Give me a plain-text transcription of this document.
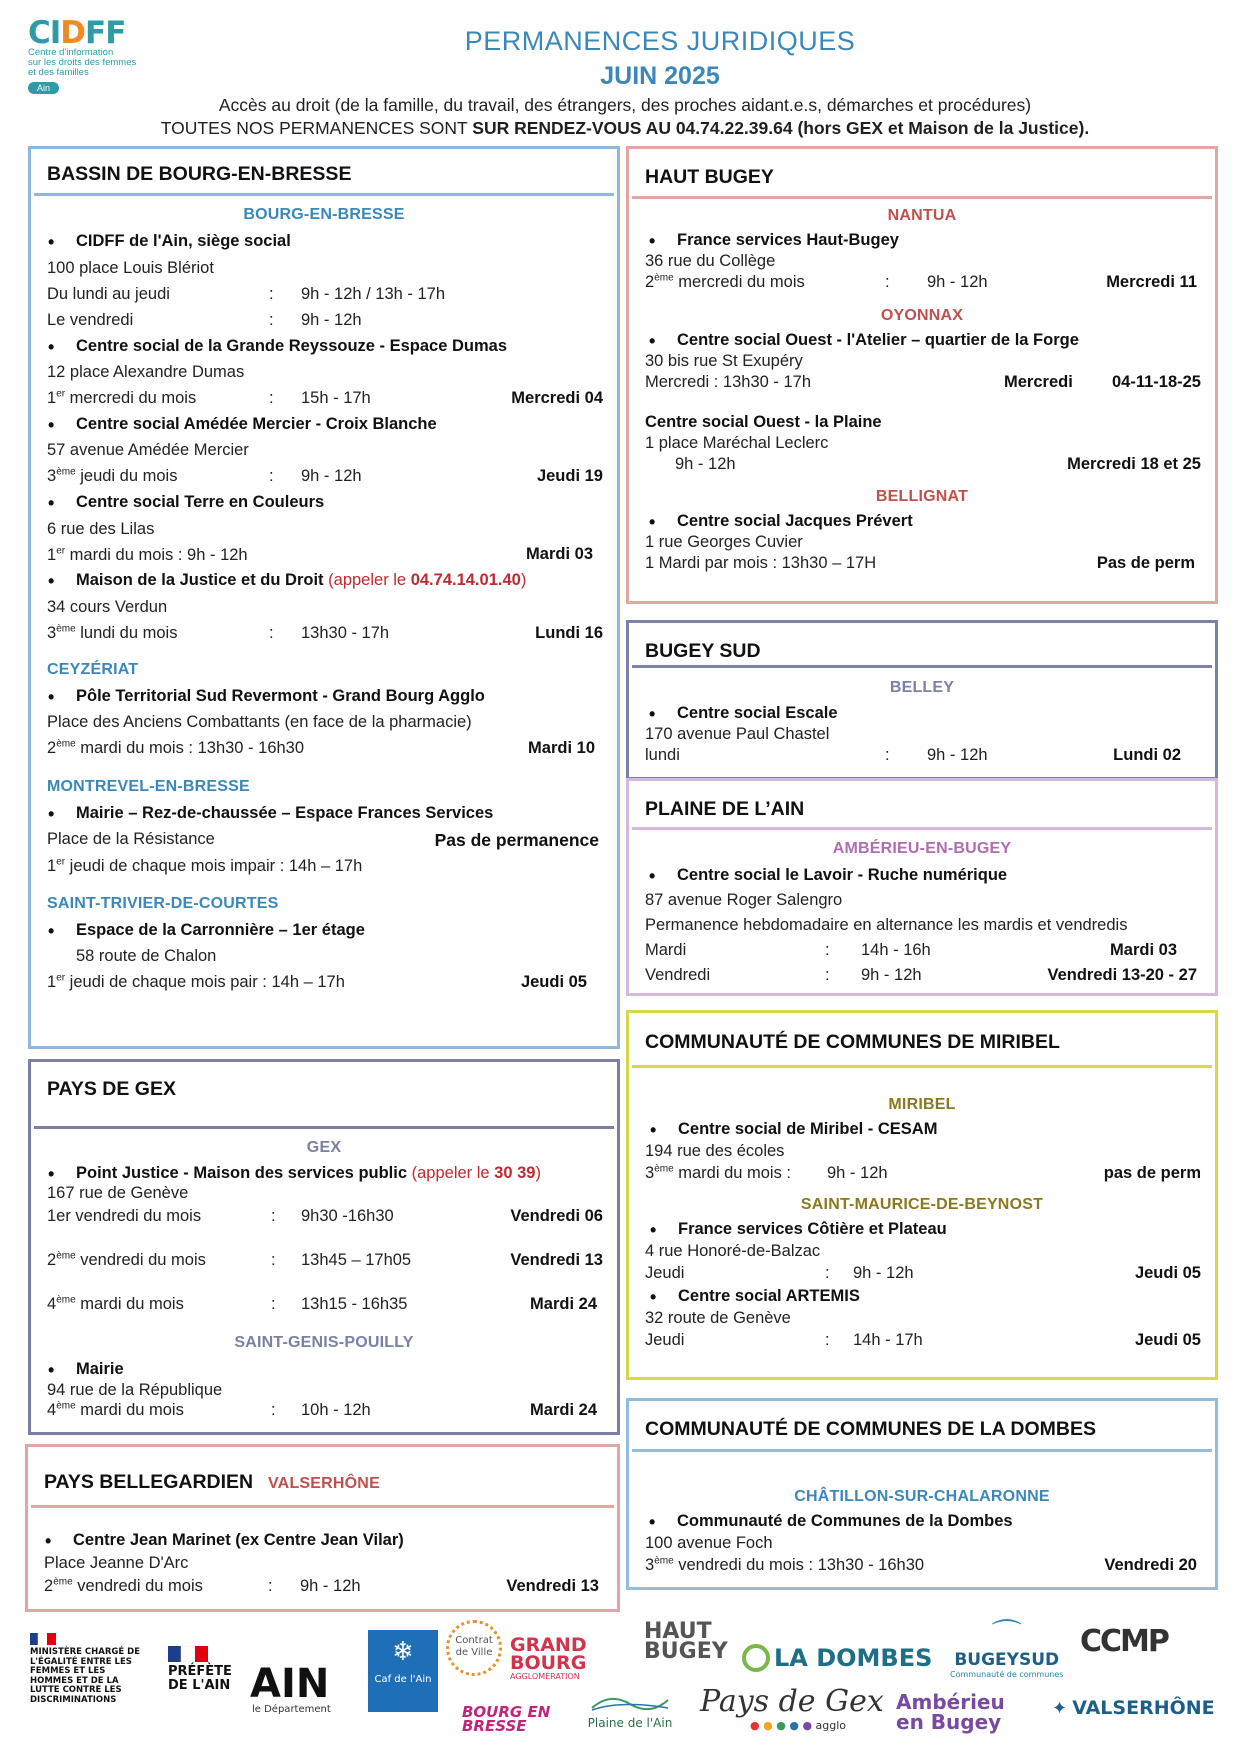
CIDFF
Centre d'information
sur les droits des femmes
et des familles
Ain
PERMANENCES JURIDIQUES
JUIN 2025
Accès au droit (de la famille, du travail, des étrangers, des proches aidant.e.s, démarches et procédures)
TOUTES NOS PERMANENCES SONT SUR RENDEZ-VOUS AU 04.74.22.39.64 (hors GEX et Maison de la Justice).
BASSIN DE BOURG-EN-BRESSE
BOURG-EN-BRESSE
• CIDFF de l'Ain, siège social
100 place Louis Blériot
Du lundi au jeudi	: 9h - 12h / 13h - 17h
Le vendredi	: 9h - 12h
• Centre social de la Grande Reyssouze - Espace Dumas
12 place Alexandre Dumas
1er mercredi du mois	: 15h - 17h	Mercredi 04
• Centre social Amédée Mercier - Croix Blanche
57 avenue Amédée Mercier
3ème jeudi du mois	: 9h - 12h	Jeudi 19
• Centre social Terre en Couleurs
6 rue des Lilas
1er mardi du mois : 9h - 12h	Mardi 03
• Maison de la Justice et du Droit (appeler le 04.74.14.01.40)
34 cours Verdun
3ème lundi du mois	: 13h30 - 17h	Lundi 16
CEYZÉRIAT
• Pôle Territorial Sud Revermont - Grand Bourg Agglo
Place des Anciens Combattants (en face de la pharmacie)
2ème mardi du mois : 13h30 - 16h30	Mardi 10
MONTREVEL-EN-BRESSE
• Mairie – Rez-de-chaussée – Espace Frances Services
Place de la Résistance	Pas de permanence
1er jeudi de chaque mois impair : 14h – 17h
SAINT-TRIVIER-DE-COURTES
• Espace de la Carronnière – 1er étage
58 route de Chalon
1er jeudi de chaque mois pair : 14h – 17h	Jeudi 05
PAYS DE GEX
GEX
• Point Justice - Maison des services public (appeler le 30 39)
167 rue de Genève
1er vendredi du mois	: 9h30 -16h30	Vendredi 06
2ème vendredi du mois	: 13h45 – 17h05	Vendredi 13
4ème mardi du mois	: 13h15 - 16h35	Mardi 24
SAINT-GENIS-POUILLY
• Mairie
94 rue de la République
4ème mardi du mois	: 10h - 12h	Mardi 24
PAYS BELLEGARDIEN VALSERHÔNE
• Centre Jean Marinet (ex Centre Jean Vilar)
Place Jeanne D'Arc
2ème vendredi du mois	: 9h - 12h	Vendredi 13
HAUT BUGEY
NANTUA
• France services Haut-Bugey
36 rue du Collège
2ème mercredi du mois	: 9h - 12h	Mercredi 11
OYONNAX
• Centre social Ouest - l'Atelier – quartier de la Forge
30 bis rue St Exupéry
Mercredi : 13h30 - 17h	Mercredi 04-11-18-25
Centre social Ouest - la Plaine
1 place Maréchal Leclerc
9h - 12h	Mercredi 18 et 25
BELLIGNAT
• Centre social Jacques Prévert
1 rue Georges Cuvier
1 Mardi par mois : 13h30 – 17H	Pas de perm
BUGEY SUD
BELLEY
• Centre social Escale
170 avenue Paul Chastel
lundi	: 9h - 12h	Lundi 02
PLAINE DE L’AIN
AMBÉRIEU-EN-BUGEY
• Centre social le Lavoir - Ruche numérique
87 avenue Roger Salengro
Permanence hebdomadaire en alternance les mardis et vendredis
Mardi	: 14h - 16h	Mardi 03
Vendredi	: 9h - 12h	Vendredi 13-20 - 27
COMMUNAUTÉ DE COMMUNES DE MIRIBEL
MIRIBEL
• Centre social de Miribel - CESAM
194 rue des écoles
3ème mardi du mois : 9h - 12h	pas de perm
SAINT-MAURICE-DE-BEYNOST
• France services Côtière et Plateau
4 rue Honoré-de-Balzac
Jeudi	: 9h - 12h	Jeudi 05
• Centre social ARTEMIS
32 route de Genève
Jeudi	: 14h - 17h	Jeudi 05
COMMUNAUTÉ DE COMMUNES DE LA DOMBES
CHÂTILLON-SUR-CHALARONNE
• Communauté de Communes de la Dombes
100 avenue Foch
3ème vendredi du mois : 13h30 - 16h30	Vendredi 20
MINISTÈRE CHARGÉ DE L'ÉGALITÉ ENTRE LES FEMMES ET LES HOMMES ET DE LA LUTTE CONTRE LES DISCRIMINATIONS
PRÉFÈTE DE L'AIN AIN
le Département
❄
Caf de l'Ain
Contrat de Ville GRAND BOURG
AGGLOMÉRATION
BOURG EN BRESSE
HAUT BUGEY
Plaine de l'Ain
LA DOMBES
Pays de Gex
● ● ● ● ● agglo
⌒
BUGEYSUD
Communauté de communes
Ambérieu en Bugey
CCMP
✦ VALSERHÔNE
